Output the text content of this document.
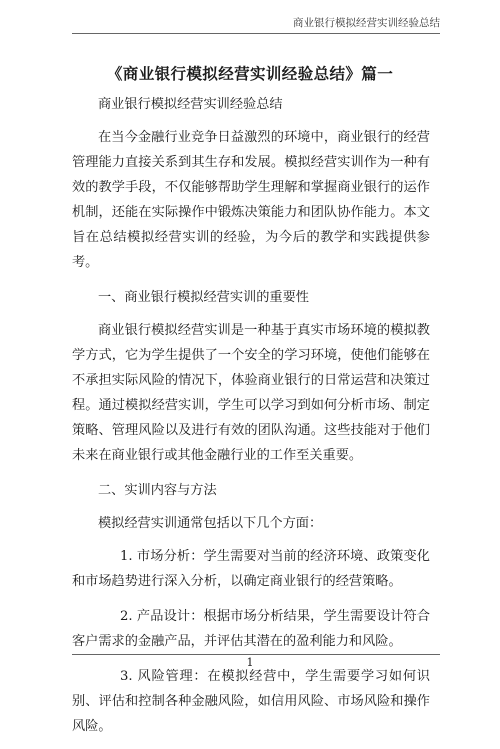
商业银行模拟经营实训经验总结
《商业银行模拟经营实训经验总结》篇一

商业银行模拟经营实训经验总结

在当今金融行业竞争日益激烈的环境中，商业银行的经营管理能力直接关系到其生存和发展。模拟经营实训作为一种有效的教学手段，不仅能够帮助学生理解和掌握商业银行的运作机制，还能在实际操作中锻炼决策能力和团队协作能力。本文旨在总结模拟经营实训的经验，为今后的教学和实践提供参考。

一、商业银行模拟经营实训的重要性

商业银行模拟经营实训是一种基于真实市场环境的模拟教学方式，它为学生提供了一个安全的学习环境，使他们能够在不承担实际风险的情况下，体验商业银行的日常运营和决策过程。通过模拟经营实训，学生可以学习到如何分析市场、制定策略、管理风险以及进行有效的团队沟通。这些技能对于他们未来在商业银行或其他金融行业的工作至关重要。

二、实训内容与方法

模拟经营实训通常包括以下几个方面：

1. 市场分析：学生需要对当前的经济环境、政策变化和市场趋势进行深入分析，以确定商业银行的经营策略。

2. 产品设计：根据市场分析结果，学生需要设计符合客户需求的金融产品，并评估其潜在的盈利能力和风险。

3. 风险管理：在模拟经营中，学生需要学习如何识别、评估和控制各种金融风险，如信用风险、市场风险和操作风险。

1
